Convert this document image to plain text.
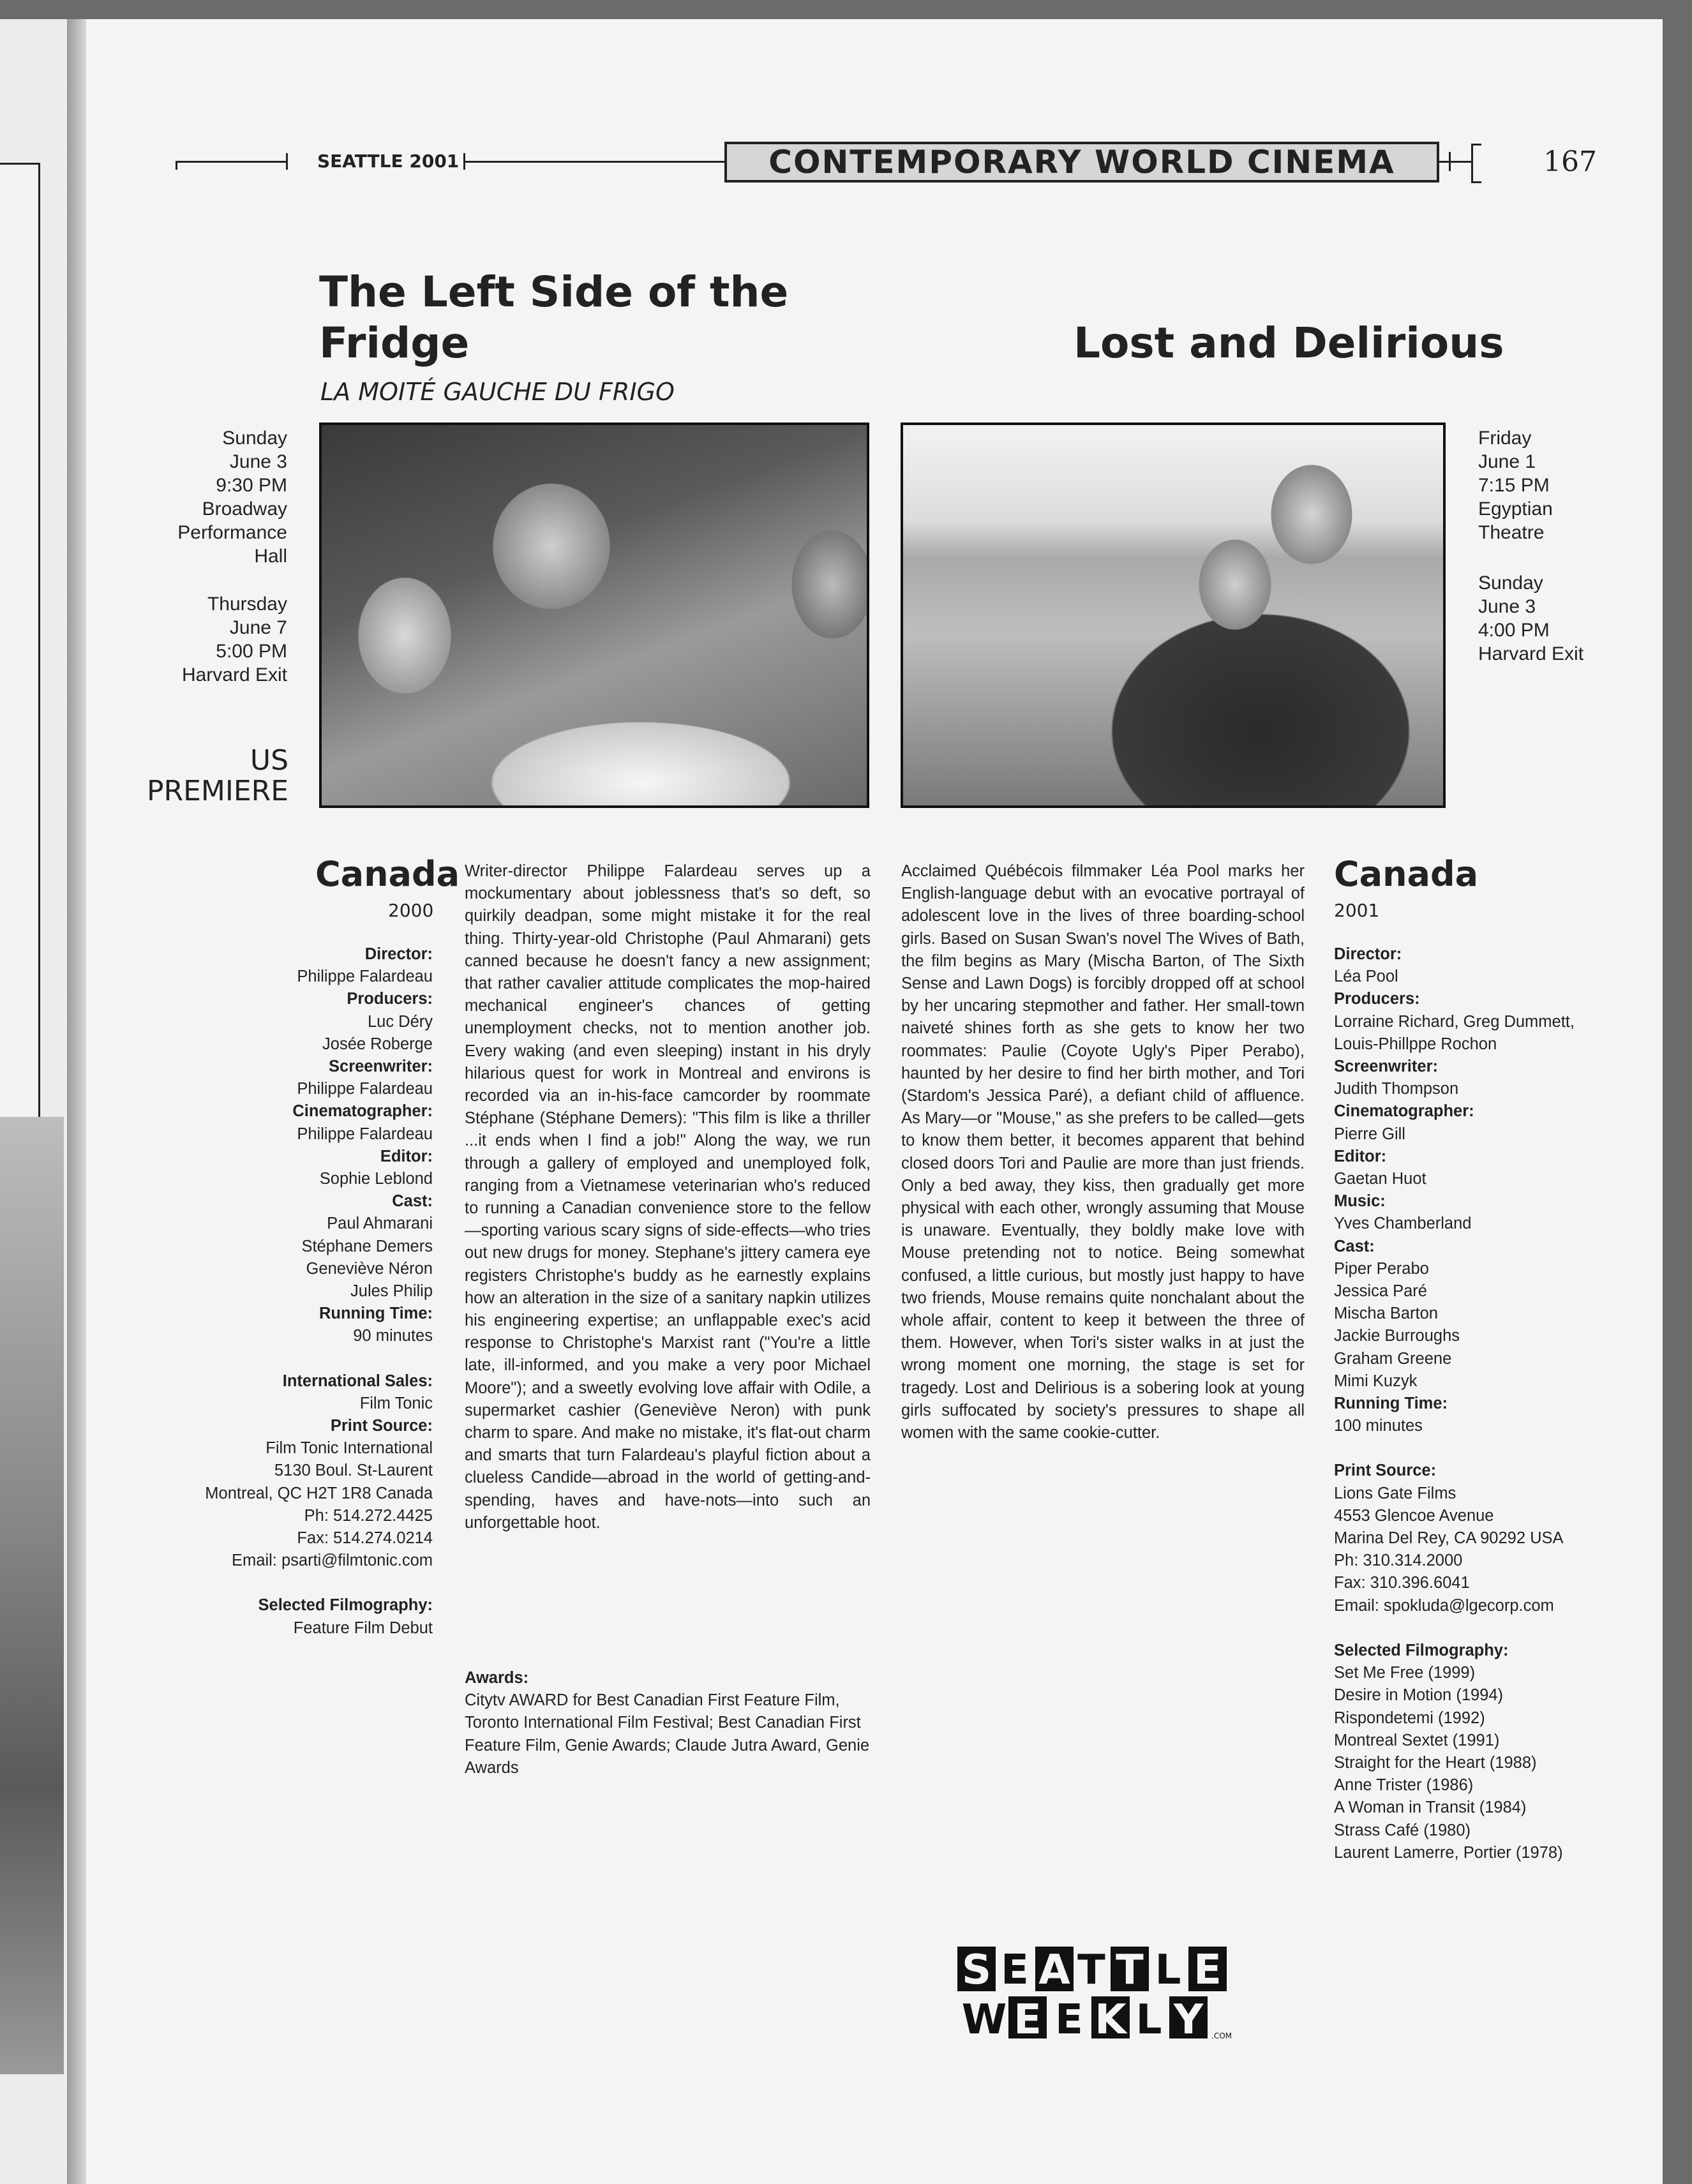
SEATTLE 2001	CONTEMPORARY WORLD CINEMA	167
The Left Side of the
Fridge
LA MOITÉ GAUCHE DU FRIGO
Lost and Delirious

Sunday

June 3

9:30 PM

Broadway

Performance

Hall

Thursday

June 7

5:00 PM

Harvard Exit

US
PREMIERE

Friday

June 1

7:15 PM

Egyptian

Theatre

Sunday

June 3

4:00 PM

Harvard Exit

Canada
2000
Canada
2001
Director:
Philippe Falardeau
Producers:
Luc Déry
Josée Roberge
Screenwriter:
Philippe Falardeau
Cinematographer:
Philippe Falardeau
Editor:
Sophie Leblond
Cast:
Paul Ahmarani
Stéphane Demers
Geneviève Néron
Jules Philip
Running Time:
90 minutes
International Sales:
Film Tonic
Print Source:
Film Tonic International
5130 Boul. St-Laurent
Montreal, QC H2T 1R8 Canada
Ph: 514.272.4425
Fax: 514.274.0214
Email: psarti@filmtonic.com
Selected Filmography:
Feature Film Debut
Director:
Léa Pool
Producers:
Lorraine Richard, Greg Dummett,
Louis-Phillppe Rochon
Screenwriter:
Judith Thompson
Cinematographer:
Pierre Gill
Editor:
Gaetan Huot
Music:
Yves Chamberland
Cast:
Piper Perabo
Jessica Paré
Mischa Barton
Jackie Burroughs
Graham Greene
Mimi Kuzyk
Running Time:
100 minutes
Print Source:
Lions Gate Films
4553 Glencoe Avenue
Marina Del Rey, CA 90292 USA
Ph: 310.314.2000
Fax: 310.396.6041
Email: spokluda@lgecorp.com
Selected Filmography:
Set Me Free (1999)
Desire in Motion (1994)
Rispondetemi (1992)
Montreal Sextet (1991)
Straight for the Heart (1988)
Anne Trister (1986)
A Woman in Transit (1984)
Strass Café (1980)
Laurent Lamerre, Portier (1978)

Writer-director Philippe Falardeau serves up a mockumentary about joblessness that's so deft, so quirkily deadpan, some might mistake it for the real thing. Thirty-year-old Christophe (Paul Ahmarani) gets canned because he doesn't fancy a new assignment; that rather cavalier attitude complicates the mop-haired mechanical engineer's chances of getting unemployment checks, not to mention another job. Every waking (and even sleeping) instant in his dryly hilarious quest for work in Montreal and environs is recorded via an in-his-face camcorder by roommate Stéphane (Stéphane Demers): "This film is like a thriller ...it ends when I find a job!" Along the way, we run through a gallery of employed and unemployed folk, ranging from a Vietnamese veterinarian who's reduced to running a Canadian convenience store to the fellow —sporting various scary signs of side-effects—who tries out new drugs for money. Stephane's jittery camera eye registers Christophe's buddy as he earnestly explains how an alteration in the size of a sanitary napkin utilizes his engineering expertise; an unflappable exec's acid response to Christophe's Marxist rant ("You're a little late, ill-informed, and you make a very poor Michael Moore"); and a sweetly evolving love affair with Odile, a supermarket cashier (Geneviève Neron) with punk charm to spare. And make no mistake, it's flat-out charm and smarts that turn Falardeau's playful fiction about a clueless Candide—abroad in the world of getting-and-spending, haves and have-nots—into such an unforgettable hoot.

Acclaimed Québécois filmmaker Léa Pool marks her English-language debut with an evocative portrayal of adolescent love in the lives of three boarding-school girls. Based on Susan Swan's novel The Wives of Bath, the film begins as Mary (Mischa Barton, of The Sixth Sense and Lawn Dogs) is forcibly dropped off at school by her uncaring stepmother and father. Her small-town naiveté shines forth as she gets to know her two roommates: Paulie (Coyote Ugly's Piper Perabo), haunted by her desire to find her birth mother, and Tori (Stardom's Jessica Paré), a defiant child of affluence. As Mary—or "Mouse," as she prefers to be called—gets to know them better, it becomes apparent that behind closed doors Tori and Paulie are more than just friends. Only a bed away, they kiss, then gradually get more physical with each other, wrongly assuming that Mouse is unaware. Eventually, they boldly make love with Mouse pretending not to notice. Being somewhat confused, a little curious, but mostly just happy to have two friends, Mouse remains quite nonchalant about the whole affair, content to keep it between the three of them. However, when Tori's sister walks in at just the wrong moment one morning, the stage is set for tragedy. Lost and Delirious is a sobering look at young girls suffocated by society's pressures to shape all women with the same cookie-cutter.

Awards:
Citytv AWARD for Best Canadian First Feature Film, Toronto International Film Festival; Best Canadian First Feature Film, Genie Awards; Claude Jutra Award, Genie Awards
S E A T T L E
W E E K L Y .COM
